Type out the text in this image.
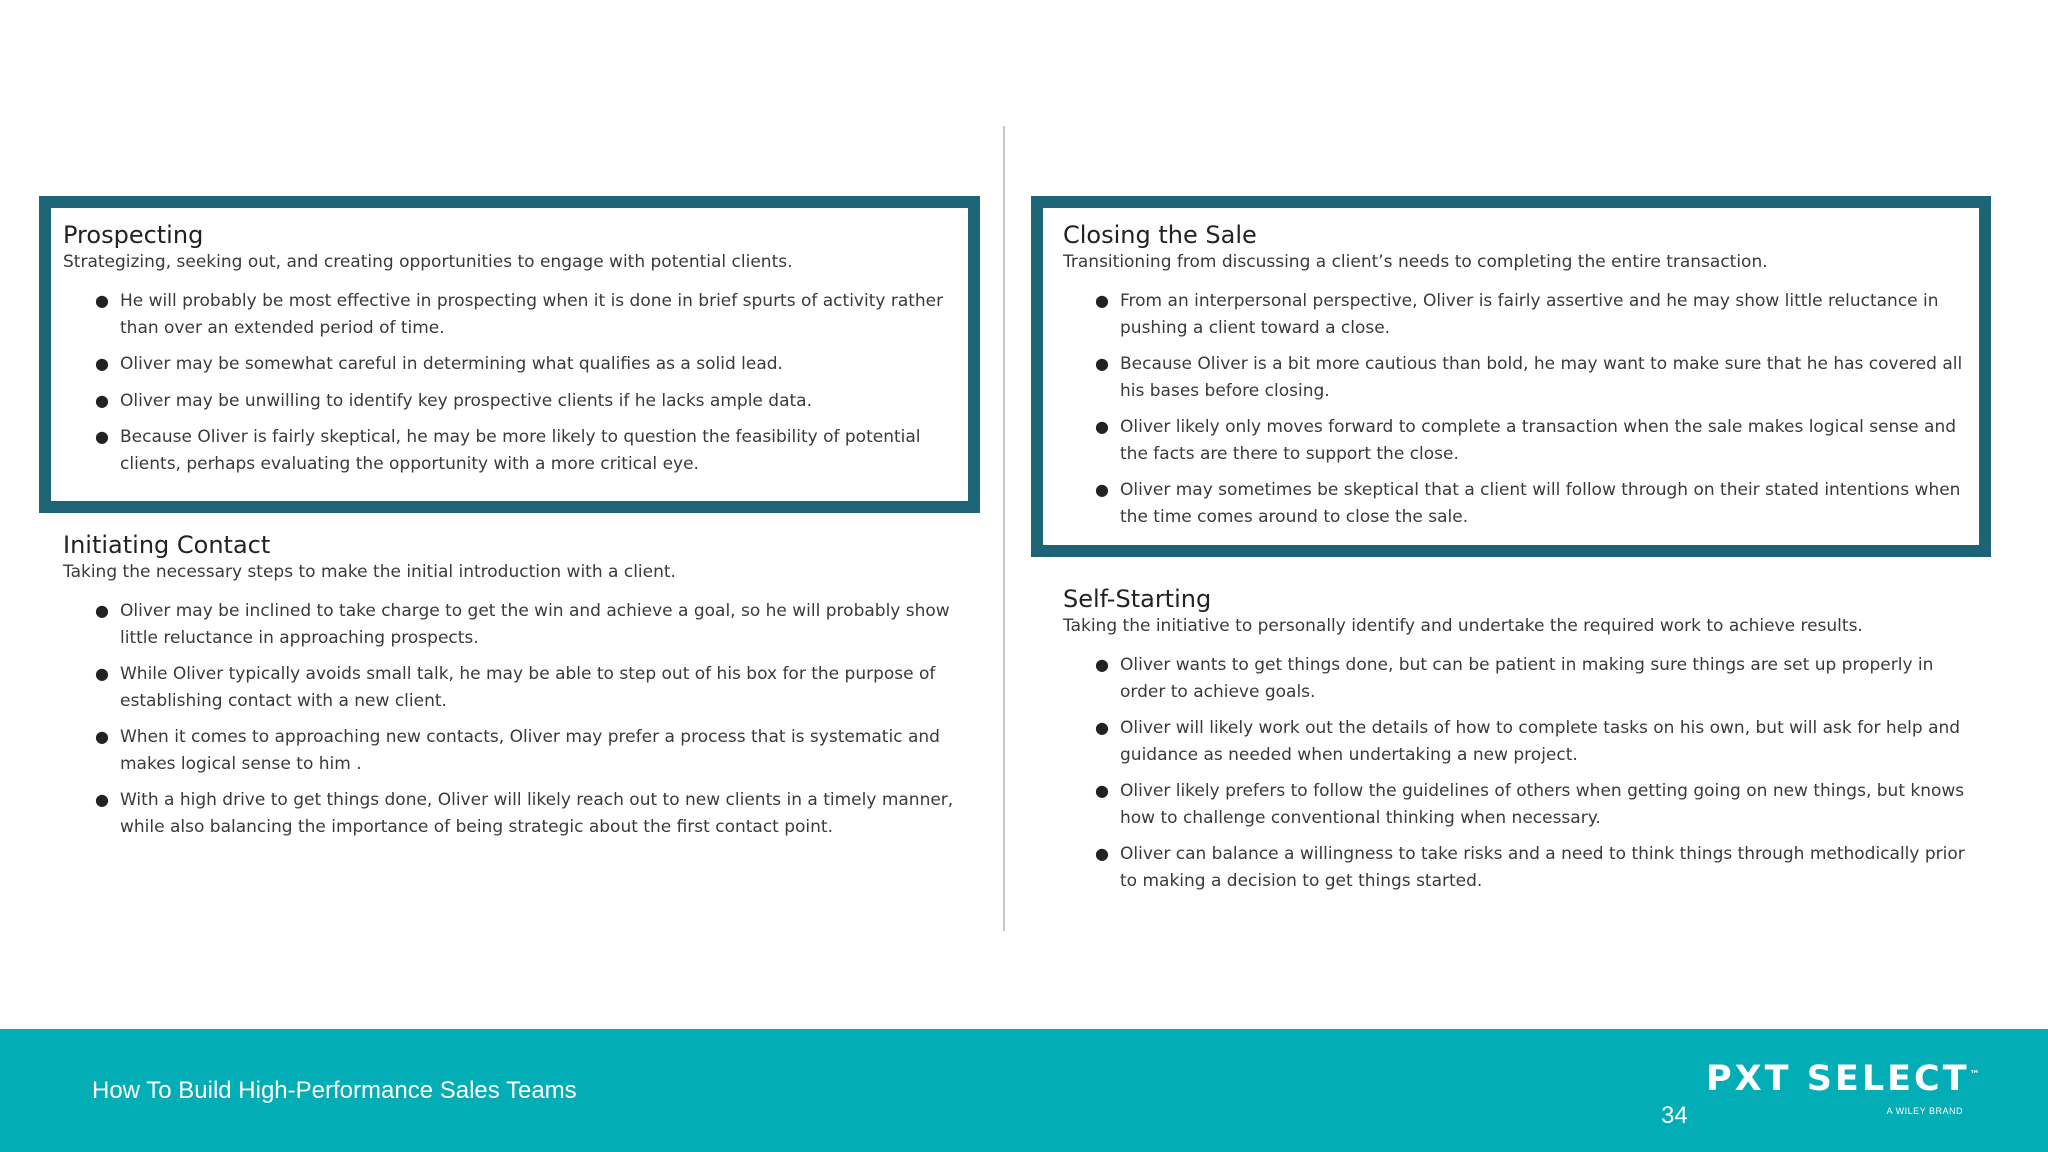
Prospecting

Strategizing, seeking out, and creating opportunities to engage with potential clients.

● He will probably be most effective in prospecting when it is done in brief spurts of activity rather than over an extended period of time.
● Oliver may be somewhat careful in determining what qualifies as a solid lead.
● Oliver may be unwilling to identify key prospective clients if he lacks ample data.
● Because Oliver is fairly skeptical, he may be more likely to question the feasibility of potential clients, perhaps evaluating the opportunity with a more critical eye.
Initiating Contact

Taking the necessary steps to make the initial introduction with a client.

● Oliver may be inclined to take charge to get the win and achieve a goal, so he will probably show little reluctance in approaching prospects.
● While Oliver typically avoids small talk, he may be able to step out of his box for the purpose of establishing contact with a new client.
● When it comes to approaching new contacts, Oliver may prefer a process that is systematic and makes logical sense to him .
● With a high drive to get things done, Oliver will likely reach out to new clients in a timely manner, while also balancing the importance of being strategic about the first contact point.
Closing the Sale

Transitioning from discussing a client’s needs to completing the entire transaction.

● From an interpersonal perspective, Oliver is fairly assertive and he may show little reluctance in pushing a client toward a close.
● Because Oliver is a bit more cautious than bold, he may want to make sure that he has covered all his bases before closing.
● Oliver likely only moves forward to complete a transaction when the sale makes logical sense and the facts are there to support the close.
● Oliver may sometimes be skeptical that a client will follow through on their stated intentions when the time comes around to close the sale.
Self-Starting

Taking the initiative to personally identify and undertake the required work to achieve results.

● Oliver wants to get things done, but can be patient in making sure things are set up properly in order to achieve goals.
● Oliver will likely work out the details of how to complete tasks on his own, but will ask for help and guidance as needed when undertaking a new project.
● Oliver likely prefers to follow the guidelines of others when getting going on new things, but knows how to challenge conventional thinking when necessary.
● Oliver can balance a willingness to take risks and a need to think things through methodically prior to making a decision to get things started.
How To Build High-Performance Sales Teams
34
PXT SELECT™
A WILEY BRAND
